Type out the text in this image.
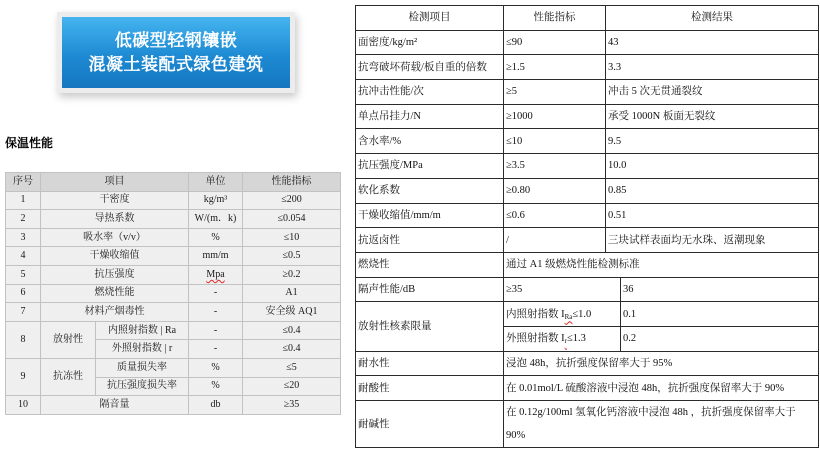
低碳型轻钢镶嵌
混凝土装配式绿色建筑
保温性能
序号	项目		单位	性能指标
1	干密度		kg/m³	≤200
2	导热系数		W/(m．k)	≤0.054
3	吸水率（v/v）		%	≤10
4	干燥收缩值		mm/m	≤0.5
5	抗压强度		Mpa	≥0.2
6	燃烧性能		-	A1
7	材料产烟毒性		-	安全级 AQ1
8	放射性	内照射指数 | Ra	-	≤0.4
		外照射指数 | r	-	≤0.4
9	抗冻性	质量损失率	%	≤5
		抗压强度损失率	%	≤20
10	隔音量		db	≥35
检测项目	性能指标	检测结果	
面密度/kg/m²	≤90	43	
抗弯破坏荷载/板自重的倍数	≥1.5	3.3	
抗冲击性能/次	≥5	冲击 5 次无贯通裂纹	
单点吊挂力/N	≥1000	承受 1000N 板面无裂纹	
含水率/%	≤10	9.5	
抗压强度/MPa	≥3.5	10.0	
软化系数	≥0.80	0.85	
干燥收缩值/mm/m	≤0.6	0.51	
抗返卤性	/	三块试样表面均无水珠、返潮现象	
燃烧性	通过 A1 级燃烧性能检测标准		
隔声性能/dB	≥35		36
放射性核素限量	内照射指数 $I_{Ra}\le 1.0$		0.1
	外照射指数 $I_r\le 1.3$		0.2
耐水性	浸泡 48h，抗折强度保留率大于 95%		
耐酸性	在 0.01mol/L 硫酸溶液中浸泡 48h，抗折强度保留率大于 90%		
耐碱性	在 0.12g/100ml 氢氧化钙溶液中浸泡 48h ，抗折强度保留率大于 90%		
